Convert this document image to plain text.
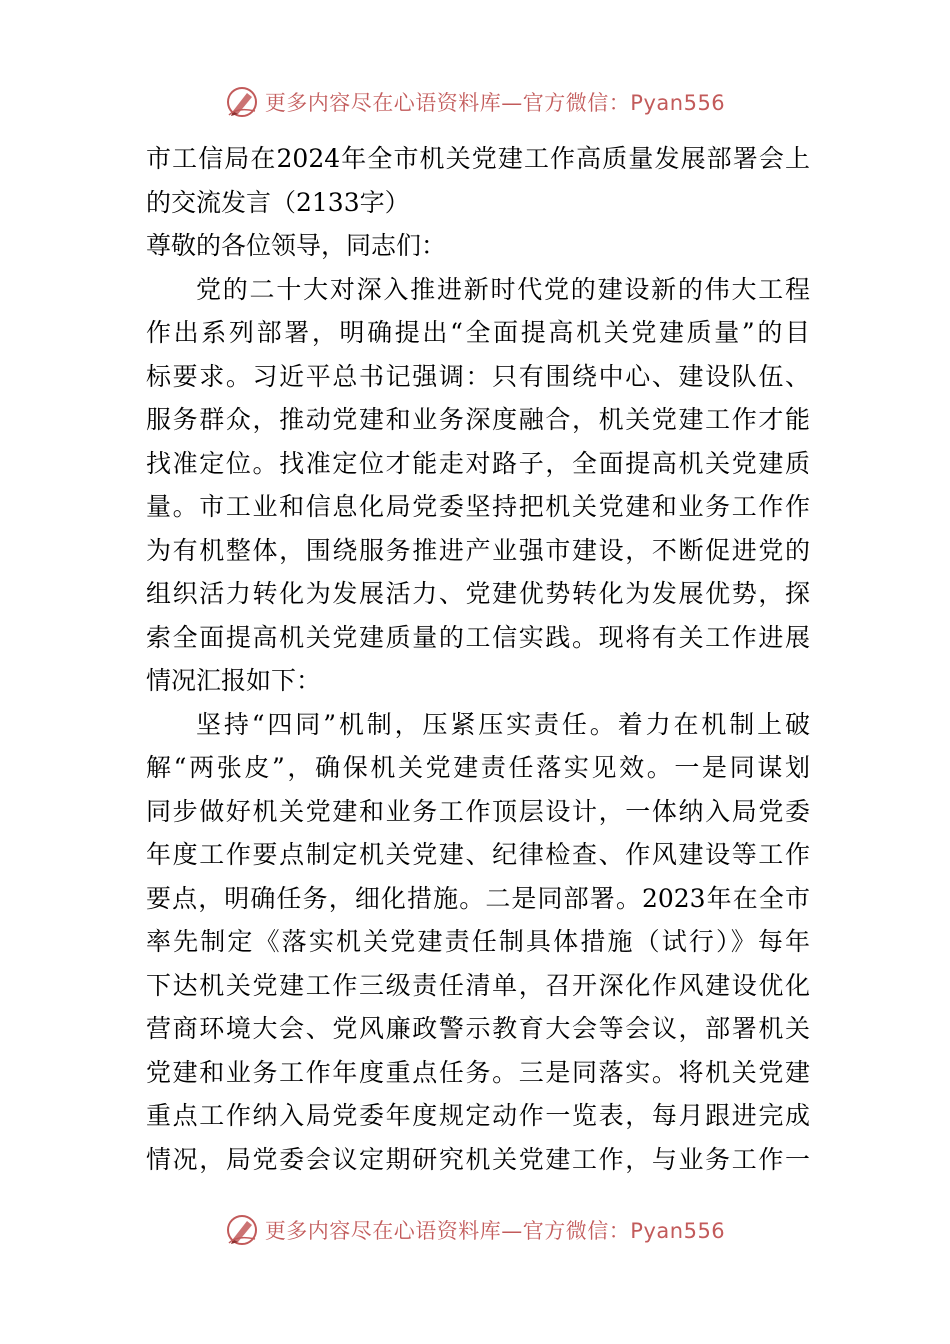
更多内容尽在心语资料库—官方微信：Pyan556
市工信局在2024年全市机关党建工作高质量发展部署会上
的交流发言（2133字）
尊敬的各位领导，同志们：
党的二十大对深入推进新时代党的建设新的伟大工程
作出系列部署，明确提出“全面提高机关党建质量”的目
标要求。习近平总书记强调：只有围绕中心、建设队伍、
服务群众，推动党建和业务深度融合，机关党建工作才能
找准定位。找准定位才能走对路子，全面提高机关党建质
量。市工业和信息化局党委坚持把机关党建和业务工作作
为有机整体，围绕服务推进产业强市建设，不断促进党的
组织活力转化为发展活力、党建优势转化为发展优势，探
索全面提高机关党建质量的工信实践。现将有关工作进展
情况汇报如下：
坚持“四同”机制，压紧压实责任。着力在机制上破
解“两张皮”，确保机关党建责任落实见效。一是同谋划
同步做好机关党建和业务工作顶层设计，一体纳入局党委
年度工作要点制定机关党建、纪律检查、作风建设等工作
要点，明确任务，细化措施。二是同部署。2023年在全市
率先制定《落实机关党建责任制具体措施（试行）》每年
下达机关党建工作三级责任清单，召开深化作风建设优化
营商环境大会、党风廉政警示教育大会等会议，部署机关
党建和业务工作年度重点任务。三是同落实。将机关党建
重点工作纳入局党委年度规定动作一览表，每月跟进完成
情况，局党委会议定期研究机关党建工作，与业务工作一
更多内容尽在心语资料库—官方微信：Pyan556
